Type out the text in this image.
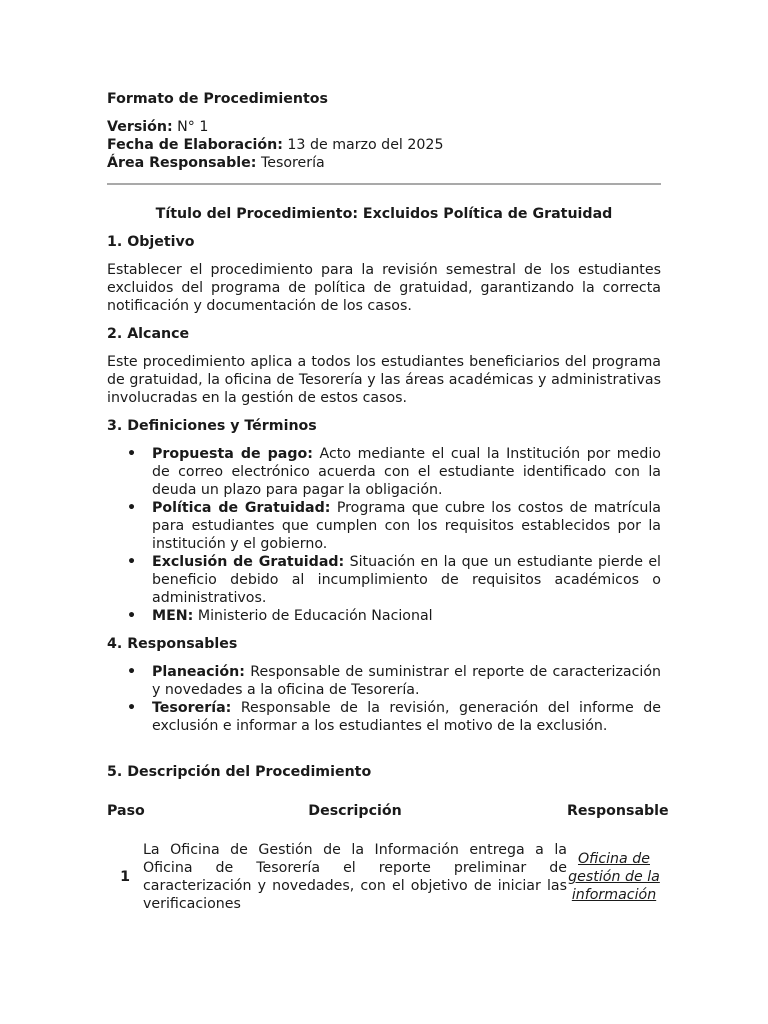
Formato de Procedimientos

Versión: N° 1

Fecha de Elaboración: 13 de marzo del 2025

Área Responsable: Tesorería

Título del Procedimiento: Excluidos Política de Gratuidad

1. Objetivo

Establecer el procedimiento para la revisión semestral de los estudiantes excluidos del programa de política de gratuidad, garantizando la correcta notificación y documentación de los casos.

2. Alcance

Este procedimiento aplica a todos los estudiantes beneficiarios del programa de gratuidad, la oficina de Tesorería y las áreas académicas y administrativas involucradas en la gestión de estos casos.

3. Definiciones y Términos
• Propuesta de pago: Acto mediante el cual la Institución por medio de correo electrónico acuerda con el estudiante identificado con la deuda un plazo para pagar la obligación.
• Política de Gratuidad: Programa que cubre los costos de matrícula para estudiantes que cumplen con los requisitos establecidos por la institución y el gobierno.
• Exclusión de Gratuidad: Situación en la que un estudiante pierde el beneficio debido al incumplimiento de requisitos académicos o administrativos.
• MEN: Ministerio de Educación Nacional
4. Responsables
• Planeación: Responsable de suministrar el reporte de caracterización y novedades a la oficina de Tesorería.
• Tesorería: Responsable de la revisión, generación del informe de exclusión e informar a los estudiantes el motivo de la exclusión.
5. Descripción del Procedimiento
Paso	Descripción	Responsable
1	La Oficina de Gestión de la Información entrega a la Oficina de Tesorería el reporte preliminar de caracterización y novedades, con el objetivo de iniciar las verificaciones	Oficina de gestión de la información
